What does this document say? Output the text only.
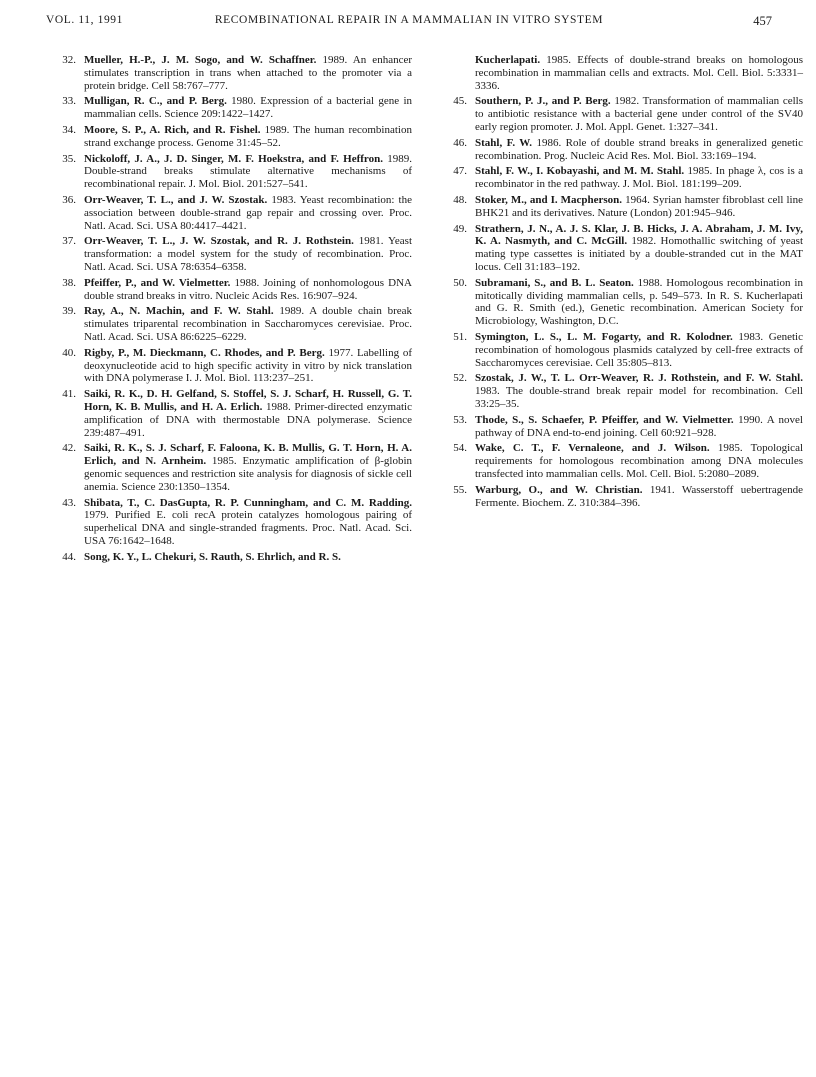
VOL. 11, 1991	RECOMBINATIONAL REPAIR IN A MAMMALIAN IN VITRO SYSTEM	457
32. Mueller, H.-P., J. M. Sogo, and W. Schaffner. 1989. An enhancer stimulates transcription in trans when attached to the promoter via a protein bridge. Cell 58:767–777.
33. Mulligan, R. C., and P. Berg. 1980. Expression of a bacterial gene in mammalian cells. Science 209:1422–1427.
34. Moore, S. P., A. Rich, and R. Fishel. 1989. The human recombination strand exchange process. Genome 31:45–52.
35. Nickoloff, J. A., J. D. Singer, M. F. Hoekstra, and F. Heffron. 1989. Double-strand breaks stimulate alternative mechanisms of recombinational repair. J. Mol. Biol. 201:527–541.
36. Orr-Weaver, T. L., and J. W. Szostak. 1983. Yeast recombination: the association between double-strand gap repair and crossing over. Proc. Natl. Acad. Sci. USA 80:4417–4421.
37. Orr-Weaver, T. L., J. W. Szostak, and R. J. Rothstein. 1981. Yeast transformation: a model system for the study of recombination. Proc. Natl. Acad. Sci. USA 78:6354–6358.
38. Pfeiffer, P., and W. Vielmetter. 1988. Joining of nonhomologous DNA double strand breaks in vitro. Nucleic Acids Res. 16:907–924.
39. Ray, A., N. Machin, and F. W. Stahl. 1989. A double chain break stimulates triparental recombination in Saccharomyces cerevisiae. Proc. Natl. Acad. Sci. USA 86:6225–6229.
40. Rigby, P., M. Dieckmann, C. Rhodes, and P. Berg. 1977. Labelling of deoxynucleotide acid to high specific activity in vitro by nick translation with DNA polymerase I. J. Mol. Biol. 113:237–251.
41. Saiki, R. K., D. H. Gelfand, S. Stoffel, S. J. Scharf, H. Russell, G. T. Horn, K. B. Mullis, and H. A. Erlich. 1988. Primer-directed enzymatic amplification of DNA with thermostable DNA polymerase. Science 239:487–491.
42. Saiki, R. K., S. J. Scharf, F. Faloona, K. B. Mullis, G. T. Horn, H. A. Erlich, and N. Arnheim. 1985. Enzymatic amplification of β-globin genomic sequences and restriction site analysis for diagnosis of sickle cell anemia. Science 230:1350–1354.
43. Shibata, T., C. DasGupta, R. P. Cunningham, and C. M. Radding. 1979. Purified E. coli recA protein catalyzes homologous pairing of superhelical DNA and single-stranded fragments. Proc. Natl. Acad. Sci. USA 76:1642–1648.
44. Song, K. Y., L. Chekuri, S. Rauth, S. Ehrlich, and R. S.
Kucherlapati. 1985. Effects of double-strand breaks on homologous recombination in mammalian cells and extracts. Mol. Cell. Biol. 5:3331–3336.
45. Southern, P. J., and P. Berg. 1982. Transformation of mammalian cells to antibiotic resistance with a bacterial gene under control of the SV40 early region promoter. J. Mol. Appl. Genet. 1:327–341.
46. Stahl, F. W. 1986. Role of double strand breaks in generalized genetic recombination. Prog. Nucleic Acid Res. Mol. Biol. 33:169–194.
47. Stahl, F. W., I. Kobayashi, and M. M. Stahl. 1985. In phage λ, cos is a recombinator in the red pathway. J. Mol. Biol. 181:199–209.
48. Stoker, M., and I. Macpherson. 1964. Syrian hamster fibroblast cell line BHK21 and its derivatives. Nature (London) 201:945–946.
49. Strathern, J. N., A. J. S. Klar, J. B. Hicks, J. A. Abraham, J. M. Ivy, K. A. Nasmyth, and C. McGill. 1982. Homothallic switching of yeast mating type cassettes is initiated by a double-stranded cut in the MAT locus. Cell 31:183–192.
50. Subramani, S., and B. L. Seaton. 1988. Homologous recombination in mitotically dividing mammalian cells, p. 549–573. In R. S. Kucherlapati and G. R. Smith (ed.), Genetic recombination. American Society for Microbiology, Washington, D.C.
51. Symington, L. S., L. M. Fogarty, and R. Kolodner. 1983. Genetic recombination of homologous plasmids catalyzed by cell-free extracts of Saccharomyces cerevisiae. Cell 35:805–813.
52. Szostak, J. W., T. L. Orr-Weaver, R. J. Rothstein, and F. W. Stahl. 1983. The double-strand break repair model for recombination. Cell 33:25–35.
53. Thode, S., S. Schaefer, P. Pfeiffer, and W. Vielmetter. 1990. A novel pathway of DNA end-to-end joining. Cell 60:921–928.
54. Wake, C. T., F. Vernaleone, and J. Wilson. 1985. Topological requirements for homologous recombination among DNA molecules transfected into mammalian cells. Mol. Cell. Biol. 5:2080–2089.
55. Warburg, O., and W. Christian. 1941. Wasserstoff uebertragende Fermente. Biochem. Z. 310:384–396.
